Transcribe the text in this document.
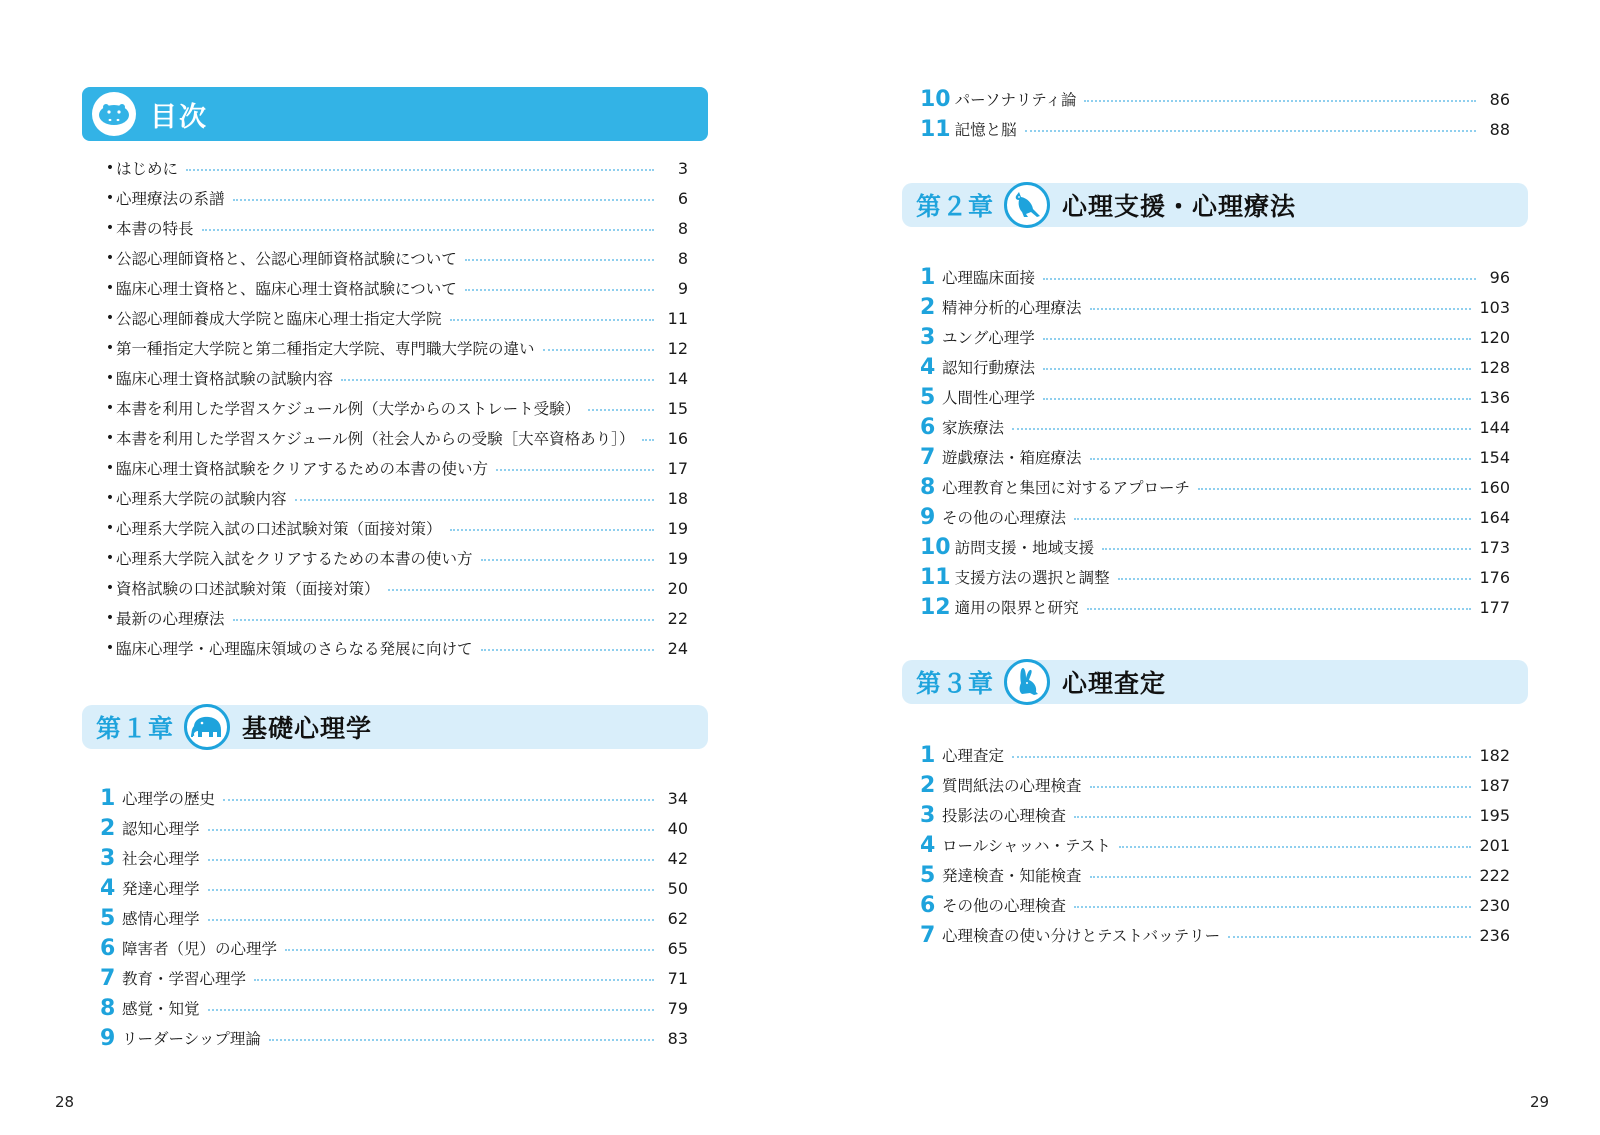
目次
• はじめに	3
• 心理療法の系譜	6
• 本書の特長	8
• 公認心理師資格と、公認心理師資格試験について	8
• 臨床心理士資格と、臨床心理士資格試験について	9
• 公認心理師養成大学院と臨床心理士指定大学院	11
• 第一種指定大学院と第二種指定大学院、専門職大学院の違い	12
• 臨床心理士資格試験の試験内容	14
• 本書を利用した学習スケジュール例（大学からのストレート受験）	15
• 本書を利用した学習スケジュール例（社会人からの受験［大卒資格あり］）	16
• 臨床心理士資格試験をクリアするための本書の使い方	17
• 心理系大学院の試験内容	18
• 心理系大学院入試の口述試験対策（面接対策）	19
• 心理系大学院入試をクリアするための本書の使い方	19
• 資格試験の口述試験対策（面接対策）	20
• 最新の心理療法	22
• 臨床心理学・心理臨床領域のさらなる発展に向けて	24
第１章	基礎心理学
1 心理学の歴史	34
2 認知心理学	40
3 社会心理学	42
4 発達心理学	50
5 感情心理学	62
6 障害者（児）の心理学	65
7 教育・学習心理学	71
8 感覚・知覚	79
9 リーダーシップ理論	83
28
10 パーソナリティ論	86
11 記憶と脳	88
第２章	心理支援・心理療法
1 心理臨床面接	96
2 精神分析的心理療法	103
3 ユング心理学	120
4 認知行動療法	128
5 人間性心理学	136
6 家族療法	144
7 遊戯療法・箱庭療法	154
8 心理教育と集団に対するアプローチ	160
9 その他の心理療法	164
10 訪問支援・地域支援	173
11 支援方法の選択と調整	176
12 適用の限界と研究	177
第３章	心理査定
1 心理査定	182
2 質問紙法の心理検査	187
3 投影法の心理検査	195
4 ロールシャッハ・テスト	201
5 発達検査・知能検査	222
6 その他の心理検査	230
7 心理検査の使い分けとテストバッテリー	236
29
